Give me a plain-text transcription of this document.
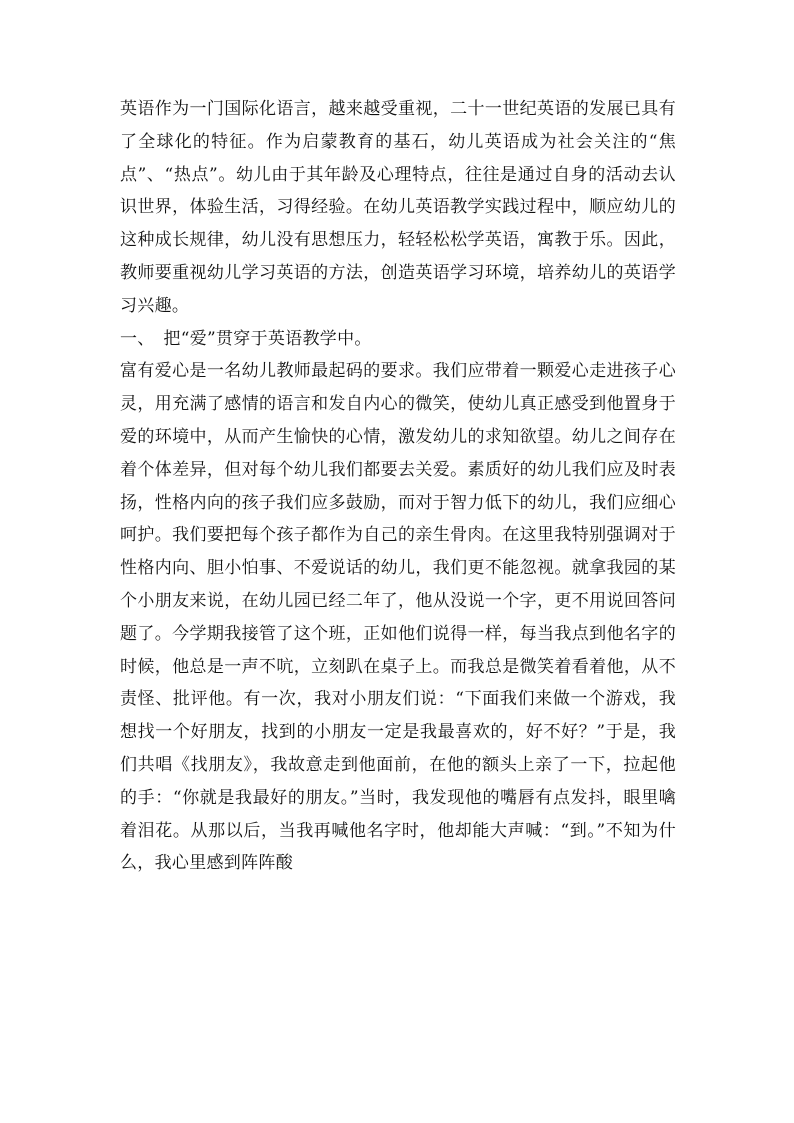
英语作为一门国际化语言，越来越受重视，二十一世纪英语的发展已具有了全球化的特征。作为启蒙教育的基石，幼儿英语成为社会关注的“焦点”、“热点”。幼儿由于其年龄及心理特点，往往是通过自身的活动去认识世界，体验生活，习得经验。在幼儿英语教学实践过程中，顺应幼儿的这种成长规律，幼儿没有思想压力，轻轻松松学英语，寓教于乐。因此，教师要重视幼儿学习英语的方法，创造英语学习环境，培养幼儿的英语学习兴趣。

一、　把“爱”贯穿于英语教学中。

富有爱心是一名幼儿教师最起码的要求。我们应带着一颗爱心走进孩子心灵，用充满了感情的语言和发自内心的微笑，使幼儿真正感受到他置身于爱的环境中，从而产生愉快的心情，激发幼儿的求知欲望。幼儿之间存在着个体差异，但对每个幼儿我们都要去关爱。素质好的幼儿我们应及时表扬，性格内向的孩子我们应多鼓励，而对于智力低下的幼儿，我们应细心呵护。我们要把每个孩子都作为自己的亲生骨肉。在这里我特别强调对于性格内向、胆小怕事、不爱说话的幼儿，我们更不能忽视。就拿我园的某个小朋友来说，在幼儿园已经二年了，他从没说一个字，更不用说回答问题了。今学期我接管了这个班，正如他们说得一样，每当我点到他名字的时候，他总是一声不吭，立刻趴在桌子上。而我总是微笑着看着他，从不责怪、批评他。有一次，我对小朋友们说：“下面我们来做一个游戏，我想找一个好朋友，找到的小朋友一定是我最喜欢的，好不好？”于是，我们共唱《找朋友》，我故意走到他面前，在他的额头上亲了一下，拉起他的手：“你就是我最好的朋友。”当时，我发现他的嘴唇有点发抖，眼里噙着泪花。从那以后，当我再喊他名字时，他却能大声喊：“到。”不知为什么，我心里感到阵阵酸
